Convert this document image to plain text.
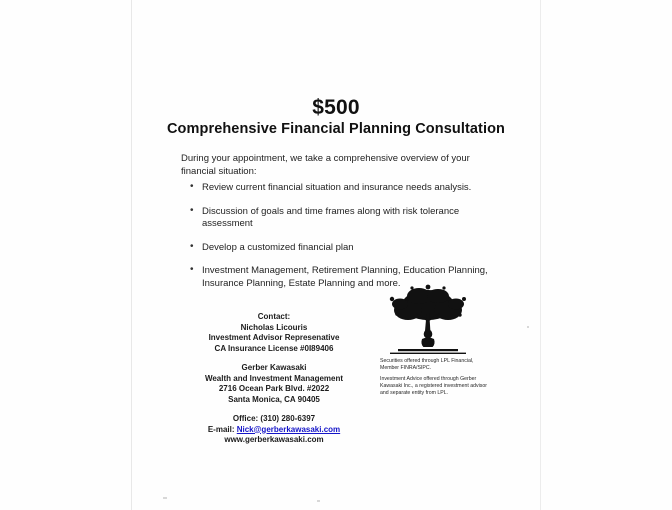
$500
Comprehensive Financial Planning Consultation
During your appointment, we take a comprehensive overview of your financial situation:
• Review current financial situation and insurance needs analysis.
• Discussion of goals and time frames along with risk tolerance assessment
• Develop a customized financial plan
• Investment Management, Retirement Planning, Education Planning, Insurance Planning, Estate Planning and more.
Contact:
Nicholas Licouris
Investment Advisor Represenative
CA Insurance License #0I89406
Gerber Kawasaki
Wealth and Investment Management
2716 Ocean Park Blvd. #2022
Santa Monica, CA 90405
Office: (310) 280-6397
E-mail: Nick@gerberkawasaki.com
www.gerberkawasaki.com
Securities offered through LPL Financial, Member FINRA/SIPC.
Investment Advice offered through Gerber Kawasaki Inc., a registered investment advisor and separate entity from LPL.
